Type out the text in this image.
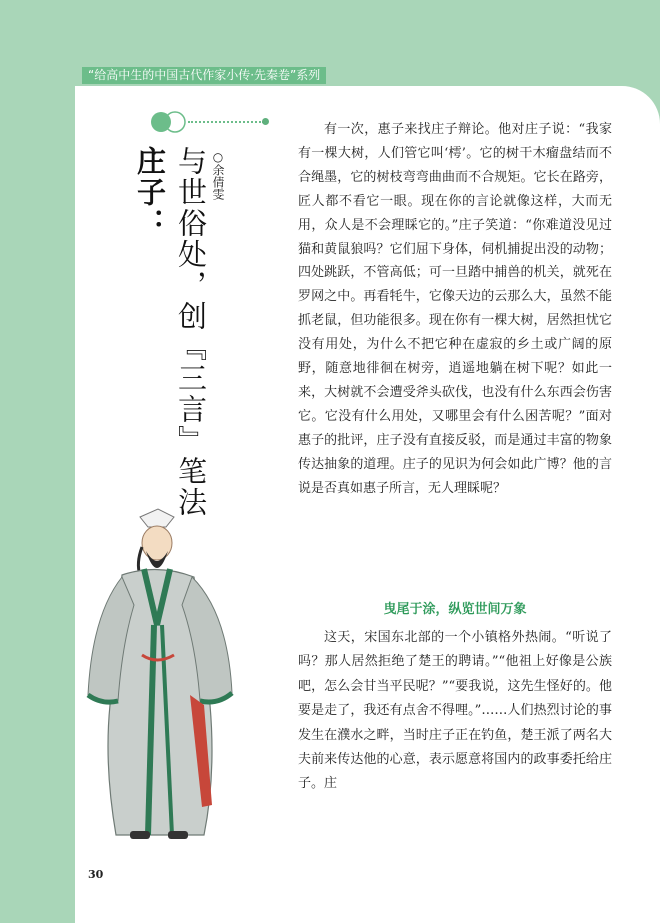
“给高中生的中国古代作家小传·先秦卷”系列
庄子： 与世俗处，创『三言』笔法 ○余倩雯

有一次，惠子来找庄子辩论。他对庄子说：“我家有一棵大树，人们管它叫‘樗’。它的树干木瘤盘结而不合绳墨，它的树枝弯弯曲曲而不合规矩。它长在路旁，匠人都不看它一眼。现在你的言论就像这样，大而无用，众人是不会理睬它的。”庄子笑道：“你难道没见过猫和黄鼠狼吗？它们屈下身体，伺机捕捉出没的动物；四处跳跃，不管高低；可一旦踏中捕兽的机关，就死在罗网之中。再看牦牛，它像天边的云那么大，虽然不能抓老鼠，但功能很多。现在你有一棵大树，居然担忧它没有用处，为什么不把它种在虚寂的乡土或广阔的原野，随意地徘徊在树旁，逍遥地躺在树下呢？如此一来，大树就不会遭受斧头砍伐，也没有什么东西会伤害它。它没有什么用处，又哪里会有什么困苦呢？”面对惠子的批评，庄子没有直接反驳，而是通过丰富的物象传达抽象的道理。庄子的见识为何会如此广博？他的言说是否真如惠子所言，无人理睬呢？

曳尾于涂，纵览世间万象

这天，宋国东北部的一个小镇格外热闹。“听说了吗？那人居然拒绝了楚王的聘请。”“他祖上好像是公族吧，怎么会甘当平民呢？”“要我说，这先生怪好的。他要是走了，我还有点舍不得哩。”……人们热烈讨论的事发生在濮水之畔，当时庄子正在钓鱼，楚王派了两名大夫前来传达他的心意，表示愿意将国内的政事委托给庄子。庄

30
